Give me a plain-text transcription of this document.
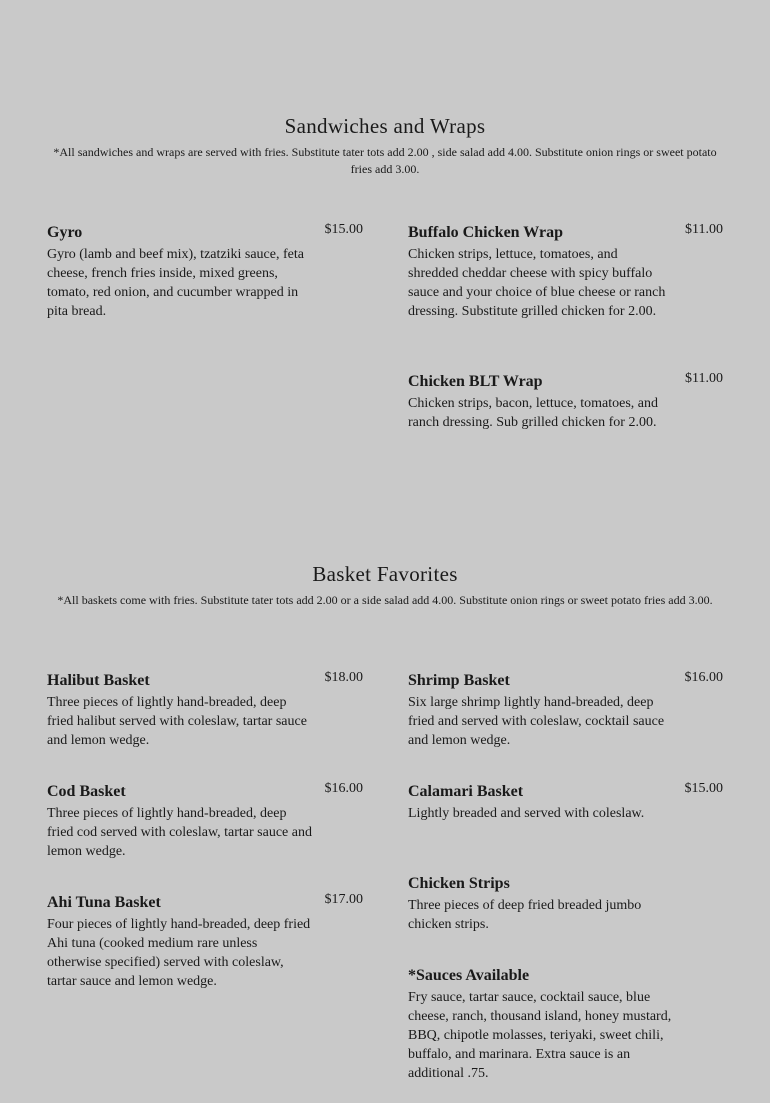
Sandwiches and Wraps

*All sandwiches and wraps are served with fries. Substitute tater tots add 2.00 , side salad add 4.00. Substitute onion rings or sweet potato fries add 3.00.

Gyro	$15.00
Gyro (lamb and beef mix), tzatziki sauce, feta cheese, french fries inside, mixed greens, tomato, red onion, and cucumber wrapped in pita bread.
Buffalo Chicken Wrap	$11.00
Chicken strips, lettuce, tomatoes, and shredded cheddar cheese with spicy buffalo sauce and your choice of blue cheese or ranch dressing. Substitute grilled chicken for 2.00.
Chicken BLT Wrap	$11.00
Chicken strips, bacon, lettuce, tomatoes, and ranch dressing. Sub grilled chicken for 2.00.
Basket Favorites

*All baskets come with fries. Substitute tater tots add 2.00 or a side salad add 4.00. Substitute onion rings or sweet potato fries add 3.00.

Halibut Basket	$18.00
Three pieces of lightly hand-breaded, deep fried halibut served with coleslaw, tartar sauce and lemon wedge.
Cod Basket	$16.00
Three pieces of lightly hand-breaded, deep fried cod served with coleslaw, tartar sauce and lemon wedge.
Ahi Tuna Basket	$17.00
Four pieces of lightly hand-breaded, deep fried Ahi tuna (cooked medium rare unless otherwise specified) served with coleslaw, tartar sauce and lemon wedge.
Shrimp Basket	$16.00
Six large shrimp lightly hand-breaded, deep fried and served with coleslaw, cocktail sauce and lemon wedge.
Calamari Basket	$15.00
Lightly breaded and served with coleslaw.
Chicken Strips
Three pieces of deep fried breaded jumbo chicken strips.
*Sauces Available
Fry sauce, tartar sauce, cocktail sauce, blue cheese, ranch, thousand island, honey mustard, BBQ, chipotle molasses, teriyaki, sweet chili, buffalo, and marinara. Extra sauce is an additional .75.
